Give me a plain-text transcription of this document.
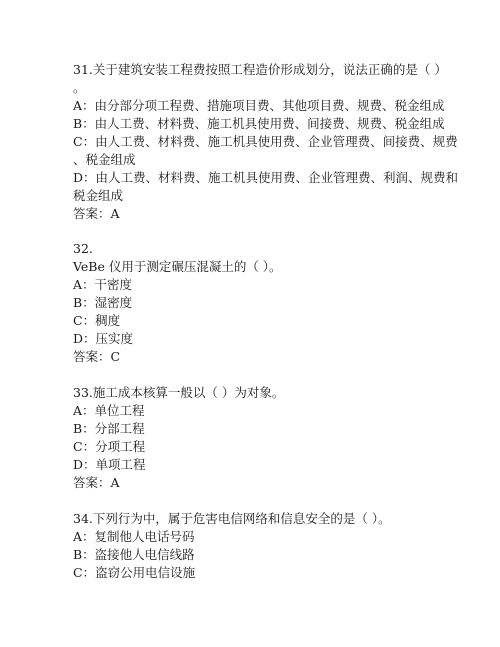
31.关于建筑安装工程费按照工程造价形成划分，说法正确的是（ ）
。
A：由分部分项工程费、措施项目费、其他项目费、规费、税金组成
B：由人工费、材料费、施工机具使用费、间接费、规费、税金组成
C：由人工费、材料费、施工机具使用费、企业管理费、间接费、规费
、税金组成
D：由人工费、材料费、施工机具使用费、企业管理费、利润、规费和
税金组成
答案：A
32.
VeBe 仪用于测定碾压混凝土的（ ）。
A：干密度
B：湿密度
C：稠度
D：压实度
答案：C
33.施工成本核算一般以（ ）为对象。
A：单位工程
B：分部工程
C：分项工程
D：单项工程
答案：A
34.下列行为中，属于危害电信网络和信息安全的是（ ）。
A：复制他人电话号码
B：盗接他人电信线路
C：盗窃公用电信设施
